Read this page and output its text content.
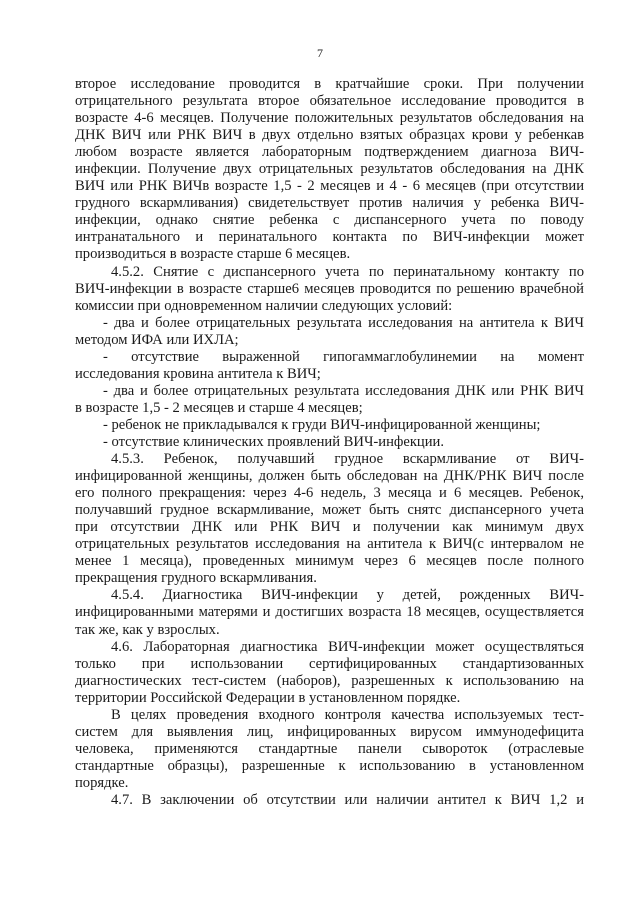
7
второе исследование проводится в кратчайшие сроки. При получении
отрицательного результата второе обязательное исследование проводится в
возрасте 4-6 месяцев. Получение положительных результатов обследования на
ДНК ВИЧ или РНК ВИЧ в двух отдельно взятых образцах крови у ребенкав
любом возрасте является лабораторным подтверждением диагноза ВИЧ-
инфекции. Получение двух отрицательных результатов обследования на ДНК
ВИЧ или РНК ВИЧв возрасте 1,5 - 2 месяцев и 4 - 6 месяцев (при отсутствии
грудного вскармливания) свидетельствует против наличия у ребенка ВИЧ-
инфекции, однако снятие ребенка с диспансерного учета по поводу
интранатального и перинатального контакта по ВИЧ-инфекции может
производиться в возрасте старше 6 месяцев.
4.5.2. Снятие с диспансерного учета по перинатальному контакту по
ВИЧ-инфекции в возрасте старше6 месяцев проводится по решению врачебной
комиссии при одновременном наличии следующих условий:
- два и более отрицательных результата исследования на антитела к ВИЧ
методом ИФА или ИХЛА;
- отсутствие выраженной гипогаммаглобулинемии на момент
исследования кровина антитела к ВИЧ;
- два и более отрицательных результата исследования ДНК или РНК ВИЧ
в возрасте 1,5 - 2 месяцев и старше 4 месяцев;
- ребенок не прикладывался к груди ВИЧ-инфицированной женщины;
- отсутствие клинических проявлений ВИЧ-инфекции.
4.5.3. Ребенок, получавший грудное вскармливание от ВИЧ-
инфицированной женщины, должен быть обследован на ДНК/РНК ВИЧ после
его полного прекращения: через 4-6 недель, 3 месяца и 6 месяцев. Ребенок,
получавший грудное вскармливание, может быть снятс диспансерного учета
при отсутствии ДНК или РНК ВИЧ и получении как минимум двух
отрицательных результатов исследования на антитела к ВИЧ(с интервалом не
менее 1 месяца), проведенных минимум через 6 месяцев после полного
прекращения грудного вскармливания.
4.5.4. Диагностика ВИЧ-инфекции у детей, рожденных ВИЧ-
инфицированными матерями и достигших возраста 18 месяцев, осуществляется
так же, как у взрослых.
4.6. Лабораторная диагностика ВИЧ-инфекции может осуществляться
только при использовании сертифицированных стандартизованных
диагностических тест-систем (наборов), разрешенных к использованию на
территории Российской Федерации в установленном порядке.
В целях проведения входного контроля качества используемых тест-
систем для выявления лиц, инфицированных вирусом иммунодефицита
человека, применяются стандартные панели сывороток (отраслевые
стандартные образцы), разрешенные к использованию в установленном
порядке.
4.7. В заключении об отсутствии или наличии антител к ВИЧ 1,2 и
